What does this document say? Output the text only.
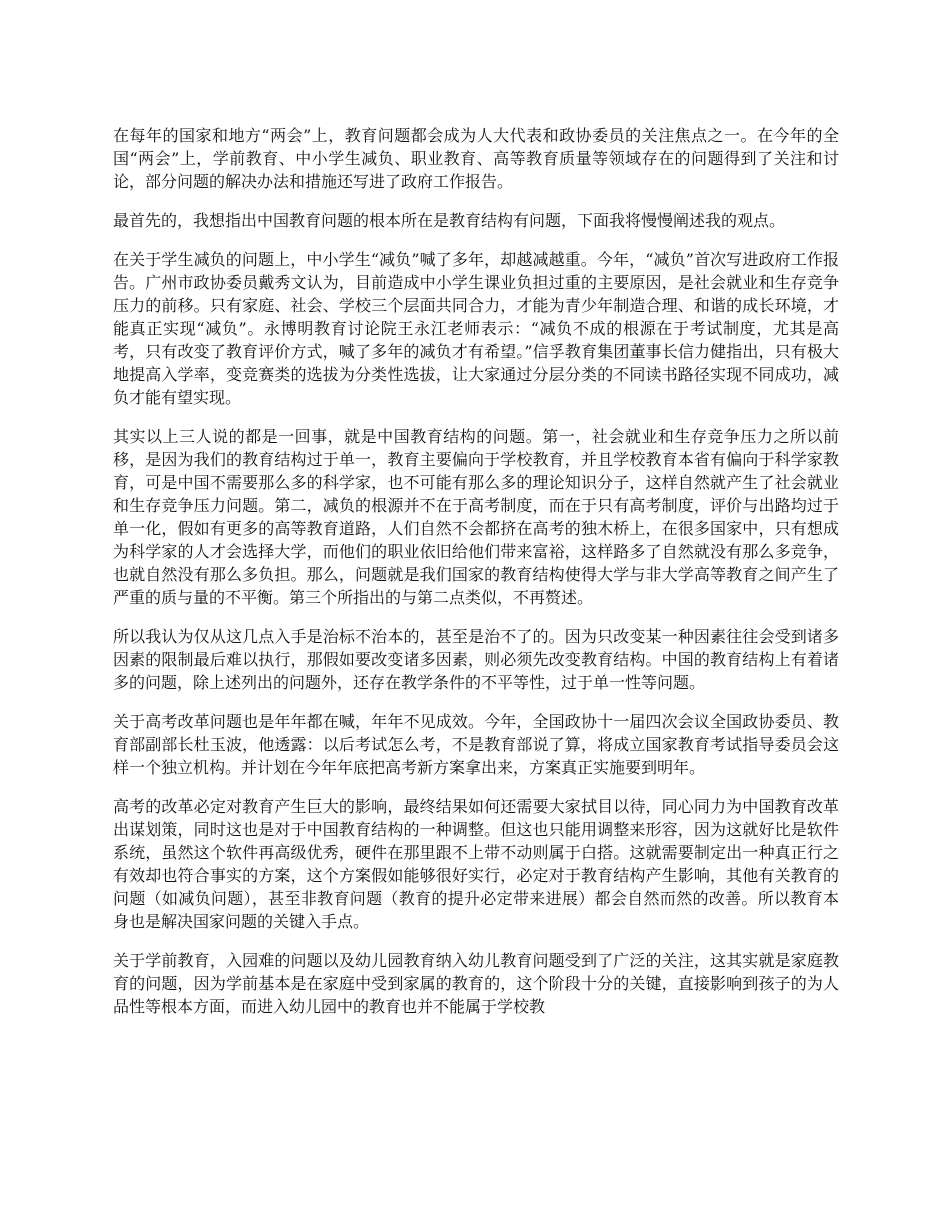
在每年的国家和地方“两会”上，教育问题都会成为人大代表和政协委员的关注焦点之一。在今年的全国“两会”上，学前教育、中小学生减负、职业教育、高等教育质量等领域存在的问题得到了关注和讨论，部分问题的解决办法和措施还写进了政府工作报告。

最首先的，我想指出中国教育问题的根本所在是教育结构有问题，下面我将慢慢阐述我的观点。

在关于学生减负的问题上，中小学生“减负”喊了多年，却越减越重。今年，“减负”首次写进政府工作报告。广州市政协委员戴秀文认为，目前造成中小学生课业负担过重的主要原因，是社会就业和生存竞争压力的前移。只有家庭、社会、学校三个层面共同合力，才能为青少年制造合理、和谐的成长环境，才能真正实现“减负”。永博明教育讨论院王永江老师表示：“减负不成的根源在于考试制度，尤其是高考，只有改变了教育评价方式，喊了多年的减负才有希望。”信孚教育集团董事长信力健指出，只有极大地提高入学率，变竞赛类的选拔为分类性选拔，让大家通过分层分类的不同读书路径实现不同成功，减负才能有望实现。

其实以上三人说的都是一回事，就是中国教育结构的问题。第一，社会就业和生存竞争压力之所以前移，是因为我们的教育结构过于单一，教育主要偏向于学校教育，并且学校教育本省有偏向于科学家教育，可是中国不需要那么多的科学家，也不可能有那么多的理论知识分子，这样自然就产生了社会就业和生存竞争压力问题。第二，减负的根源并不在于高考制度，而在于只有高考制度，评价与出路均过于单一化，假如有更多的高等教育道路，人们自然不会都挤在高考的独木桥上，在很多国家中，只有想成为科学家的人才会选择大学，而他们的职业依旧给他们带来富裕，这样路多了自然就没有那么多竞争，也就自然没有那么多负担。那么，问题就是我们国家的教育结构使得大学与非大学高等教育之间产生了严重的质与量的不平衡。第三个所指出的与第二点类似，不再赘述。

所以我认为仅从这几点入手是治标不治本的，甚至是治不了的。因为只改变某一种因素往往会受到诸多因素的限制最后难以执行，那假如要改变诸多因素，则必须先改变教育结构。中国的教育结构上有着诸多的问题，除上述列出的问题外，还存在教学条件的不平等性，过于单一性等问题。

关于高考改革问题也是年年都在喊，年年不见成效。今年，全国政协十一届四次会议全国政协委员、教育部副部长杜玉波，他透露：以后考试怎么考，不是教育部说了算，将成立国家教育考试指导委员会这样一个独立机构。并计划在今年年底把高考新方案拿出来，方案真正实施要到明年。

高考的改革必定对教育产生巨大的影响，最终结果如何还需要大家拭目以待，同心同力为中国教育改革出谋划策，同时这也是对于中国教育结构的一种调整。但这也只能用调整来形容，因为这就好比是软件系统，虽然这个软件再高级优秀，硬件在那里跟不上带不动则属于白搭。这就需要制定出一种真正行之有效却也符合事实的方案，这个方案假如能够很好实行，必定对于教育结构产生影响，其他有关教育的问题（如减负问题），甚至非教育问题（教育的提升必定带来进展）都会自然而然的改善。所以教育本身也是解决国家问题的关键入手点。

关于学前教育，入园难的问题以及幼儿园教育纳入幼儿教育问题受到了广泛的关注，这其实就是家庭教育的问题，因为学前基本是在家庭中受到家属的教育的，这个阶段十分的关键，直接影响到孩子的为人品性等根本方面，而进入幼儿园中的教育也并不能属于学校教
